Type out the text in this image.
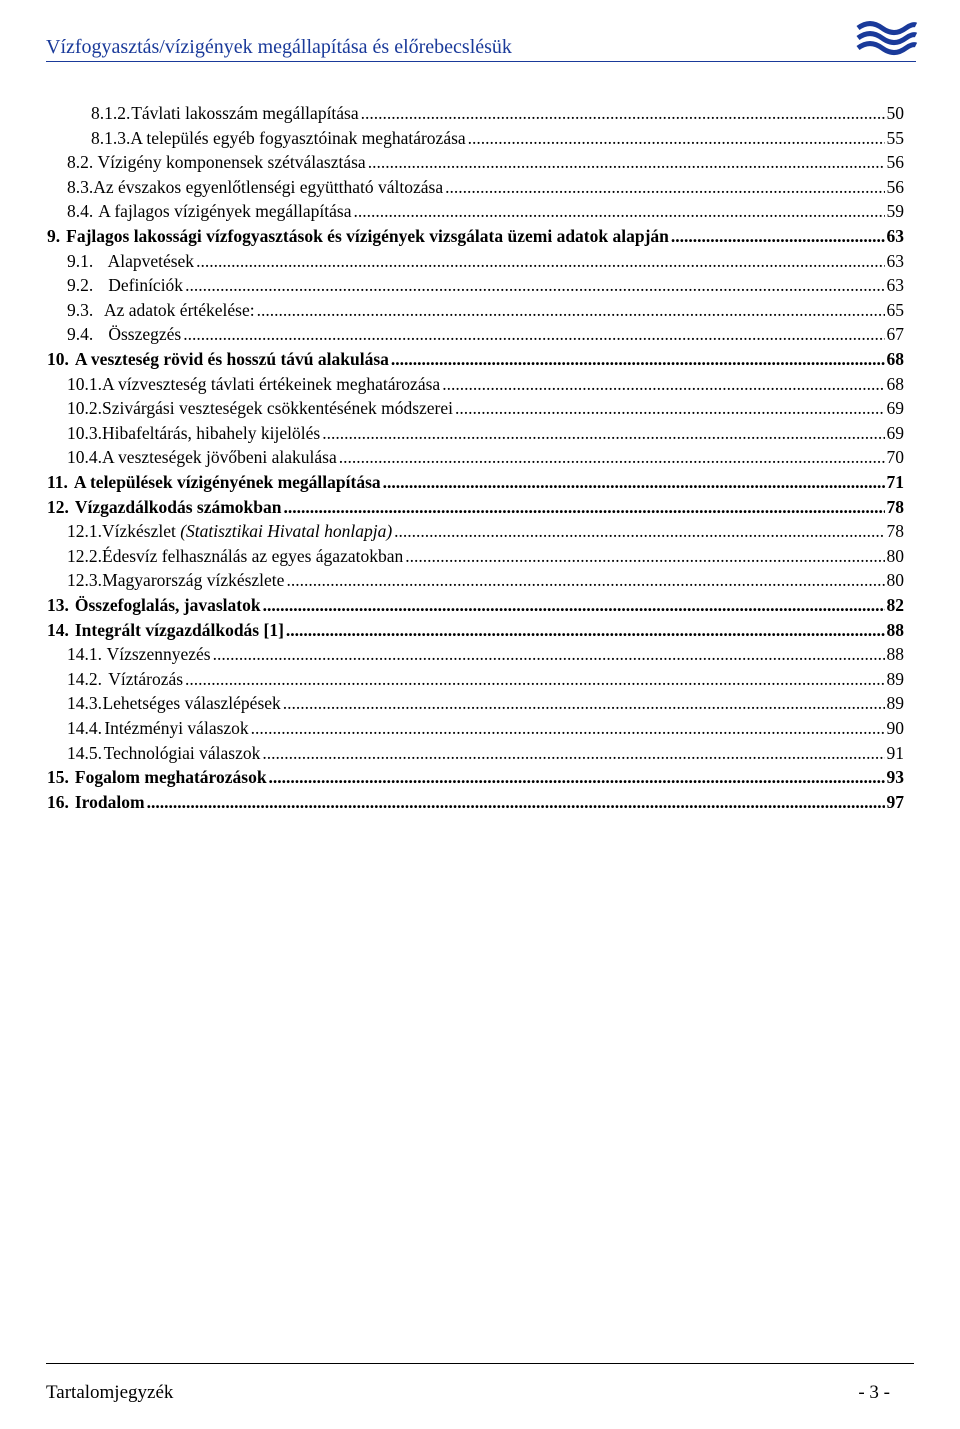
Vízfogyasztás/vízigények megállapítása és előrebecslésük
8.1.2. Távlati lakosszám megállapítása .....	50
8.1.3. A település egyéb fogyasztóinak meghatározása .....	55
8.2. Vízigény komponensek szétválasztása .....	56
8.3. Az évszakos egyenlőtlenségi együttható változása .....	56
8.4. A fajlagos vízigények megállapítása .....	59
9. Fajlagos lakossági vízfogyasztások és vízigények vizsgálata üzemi adatok alapján .....	63
9.1. Alapvetések .....	63
9.2. Definíciók .....	63
9.3. Az adatok értékelése: .....	65
9.4. Összegzés .....	67
10. A veszteség rövid és hosszú távú alakulása .....	68
10.1. A vízveszteség távlati értékeinek meghatározása .....	68
10.2. Szivárgási veszteségek csökkentésének módszerei .....	69
10.3. Hibafeltárás, hibahely kijelölés .....	69
10.4. A veszteségek jövőbeni alakulása .....	70
11. A települések vízigényének megállapítása .....	71
12. Vízgazdálkodás számokban .....	78
12.1. Vízkészlet (Statisztikai Hivatal honlapja) .....	78
12.2. Édesvíz felhasználás az egyes ágazatokban .....	80
12.3. Magyarország vízkészlete .....	80
13. Összefoglalás, javaslatok .....	82
14. Integrált vízgazdálkodás [1] .....	88
14.1. Vízszennyezés .....	88
14.2. Víztározás .....	89
14.3. Lehetséges válaszlépések .....	89
14.4. Intézményi válaszok .....	90
14.5. Technológiai válaszok .....	91
15. Fogalom meghatározások .....	93
16. Irodalom .....	97
Tartalomjegyzék	- 3 -
